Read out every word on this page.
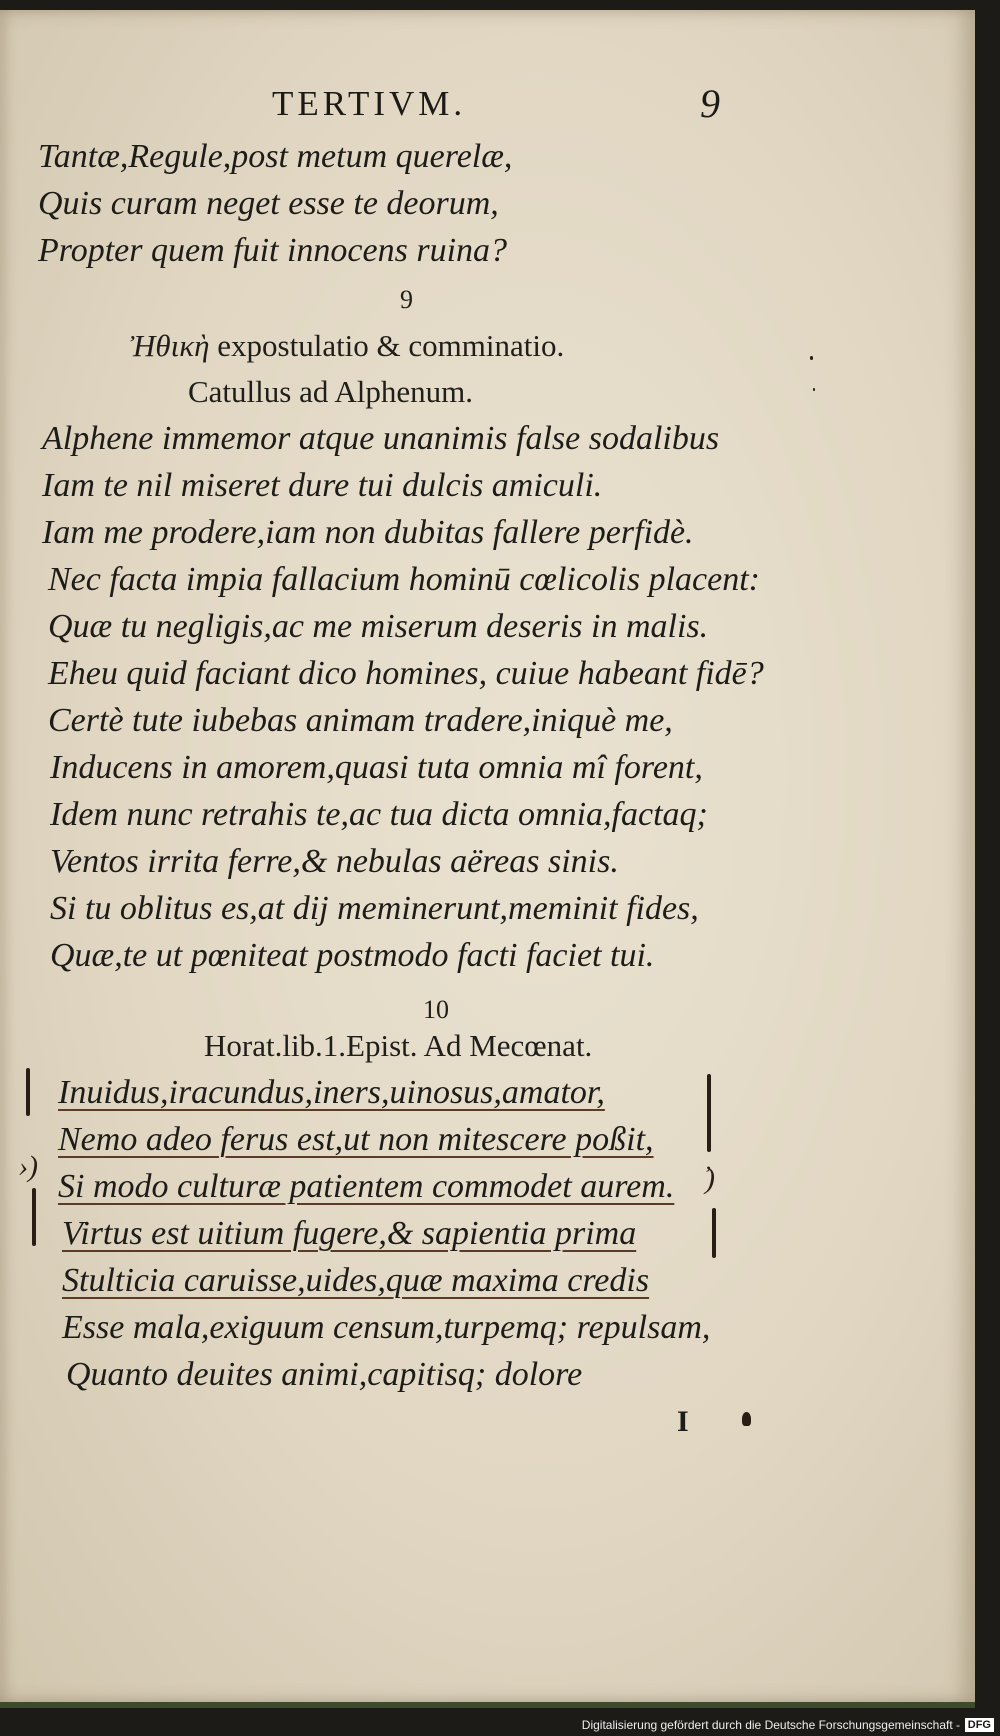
TERTIVM.	9
Tantæ,Regule,post metum querelæ,
Quis curam neget esse te deorum,
Propter quem fuit innocens ruina?
9
Ἠθικὴ expostulatio & comminatio.
Catullus ad Alphenum.
Alphene immemor atque unanimis false sodalibus
Iam te nil miseret dure tui dulcis amiculi.
Iam me prodere,iam non dubitas fallere perfidè.
Nec facta impia fallacium hominū cœlicolis placent:
Quæ tu negligis,ac me miserum deseris in malis.
Eheu quid faciant dico homines, cuiue habeant fidē?
Certè tute iubebas animam tradere,iniquè me,
Inducens in amorem,quasi tuta omnia mî forent,
Idem nunc retrahis te,ac tua dicta omnia,factaq;
Ventos irrita ferre,& nebulas aëreas sinis.
Si tu oblitus es,at dij meminerunt,meminit fides,
Quæ,te ut pœniteat postmodo facti faciet tui.
10
Horat.lib.1.Epist. Ad Mecœnat.
Inuidus,iracundus,iners,uinosus,amator,
Nemo adeo ferus est,ut non mitescere poßit,
Si modo culturæ patientem commodet aurem.
Virtus est uitium fugere,& sapientia prima
Stulticia caruisse,uides,quæ maxima credis
Esse mala,exiguum censum,turpemq; repulsam,
Quanto deuites animi,capitisq; dolore
›)	̓)
I
Digitalisierung gefördert durch die Deutsche Forschungsgemeinschaft - DFG
